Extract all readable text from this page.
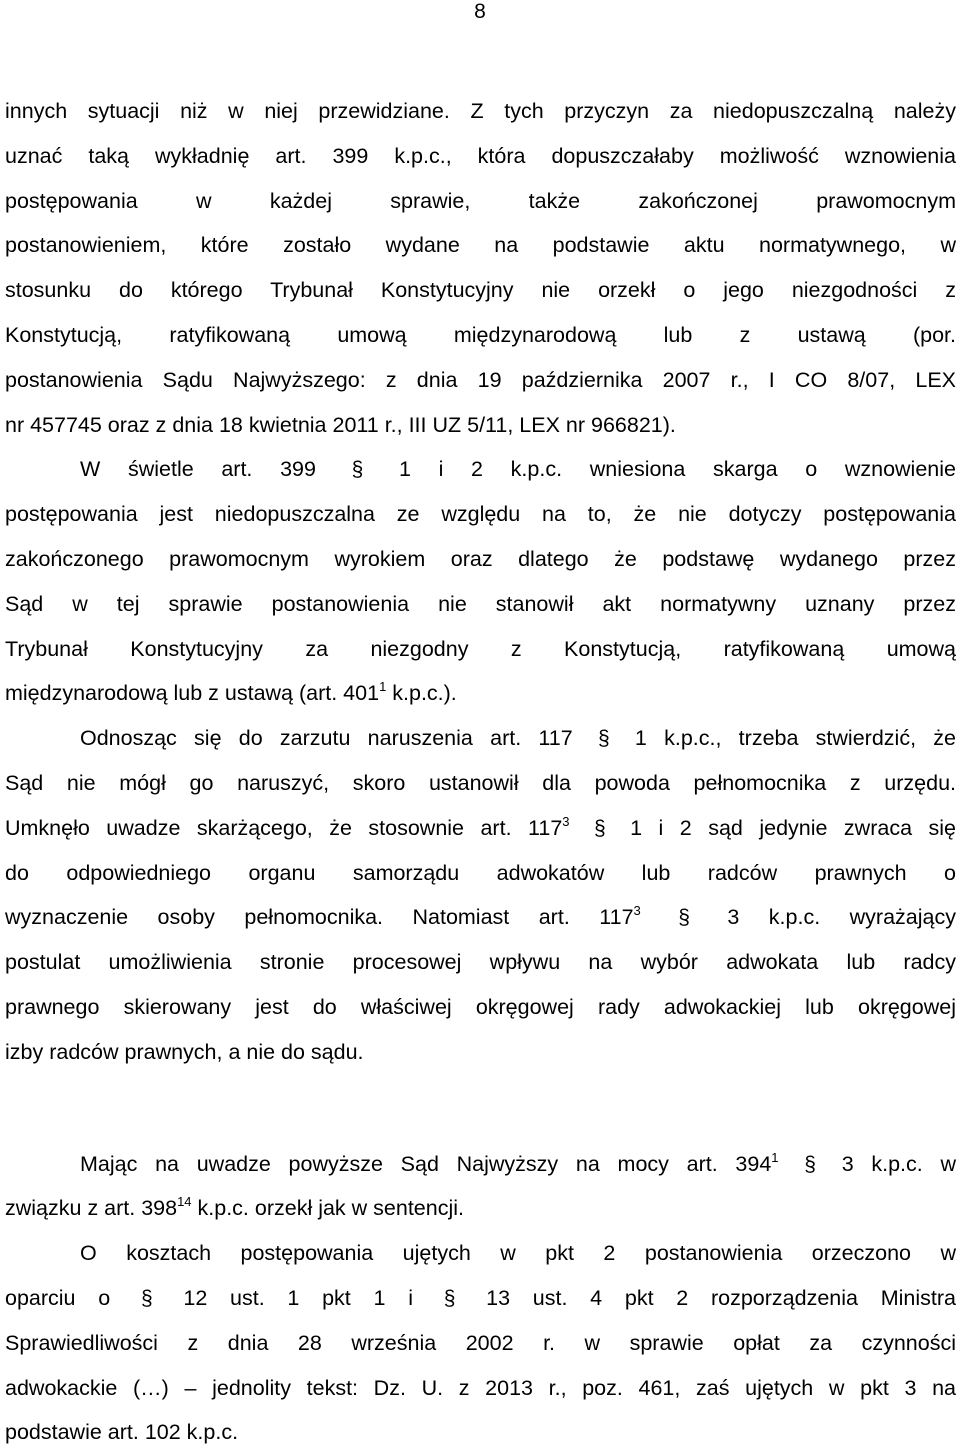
8
innych sytuacji niż w niej przewidziane. Z tych przyczyn za niedopuszczalną należy
uznać taką wykładnię art. 399 k.p.c., która dopuszczałaby możliwość wznowienia
postępowania w każdej sprawie, także zakończonej prawomocnym
postanowieniem, które zostało wydane na podstawie aktu normatywnego, w
stosunku do którego Trybunał Konstytucyjny nie orzekł o jego niezgodności z
Konstytucją, ratyfikowaną umową międzynarodową lub z ustawą (por.
postanowienia Sądu Najwyższego: z dnia 19 października 2007 r., I CO 8/07, LEX
nr 457745 oraz z dnia 18 kwietnia 2011 r., III UZ 5/11, LEX nr 966821).
W świetle art. 399 § 1 i 2 k.p.c. wniesiona skarga o wznowienie
postępowania jest niedopuszczalna ze względu na to, że nie dotyczy postępowania
zakończonego prawomocnym wyrokiem oraz dlatego że podstawę wydanego przez
Sąd w tej sprawie postanowienia nie stanowił akt normatywny uznany przez
Trybunał Konstytucyjny za niezgodny z Konstytucją, ratyfikowaną umową
międzynarodową lub z ustawą (art. $401^1$ k.p.c.).
Odnosząc się do zarzutu naruszenia art. 117 § 1 k.p.c., trzeba stwierdzić, że
Sąd nie mógł go naruszyć, skoro ustanowił dla powoda pełnomocnika z urzędu.
Umknęło uwadze skarżącego, że stosownie art. $117^3$ § 1 i 2 sąd jedynie zwraca się
do odpowiedniego organu samorządu adwokatów lub radców prawnych o
wyznaczenie osoby pełnomocnika. Natomiast art. $117^3$ § 3 k.p.c. wyrażający
postulat umożliwienia stronie procesowej wpływu na wybór adwokata lub radcy
prawnego skierowany jest do właściwej okręgowej rady adwokackiej lub okręgowej
izby radców prawnych, a nie do sądu.
Mając na uwadze powyższe Sąd Najwyższy na mocy art. $394^1$ § 3 k.p.c. w
związku z art. $398^{14}$ k.p.c. orzekł jak w sentencji.
O kosztach postępowania ujętych w pkt 2 postanowienia orzeczono w
oparciu o § 12 ust. 1 pkt 1 i § 13 ust. 4 pkt 2 rozporządzenia Ministra
Sprawiedliwości z dnia 28 września 2002 r. w sprawie opłat za czynności
adwokackie (…) – jednolity tekst: Dz. U. z 2013 r., poz. 461, zaś ujętych w pkt 3 na
podstawie art. 102 k.p.c.
